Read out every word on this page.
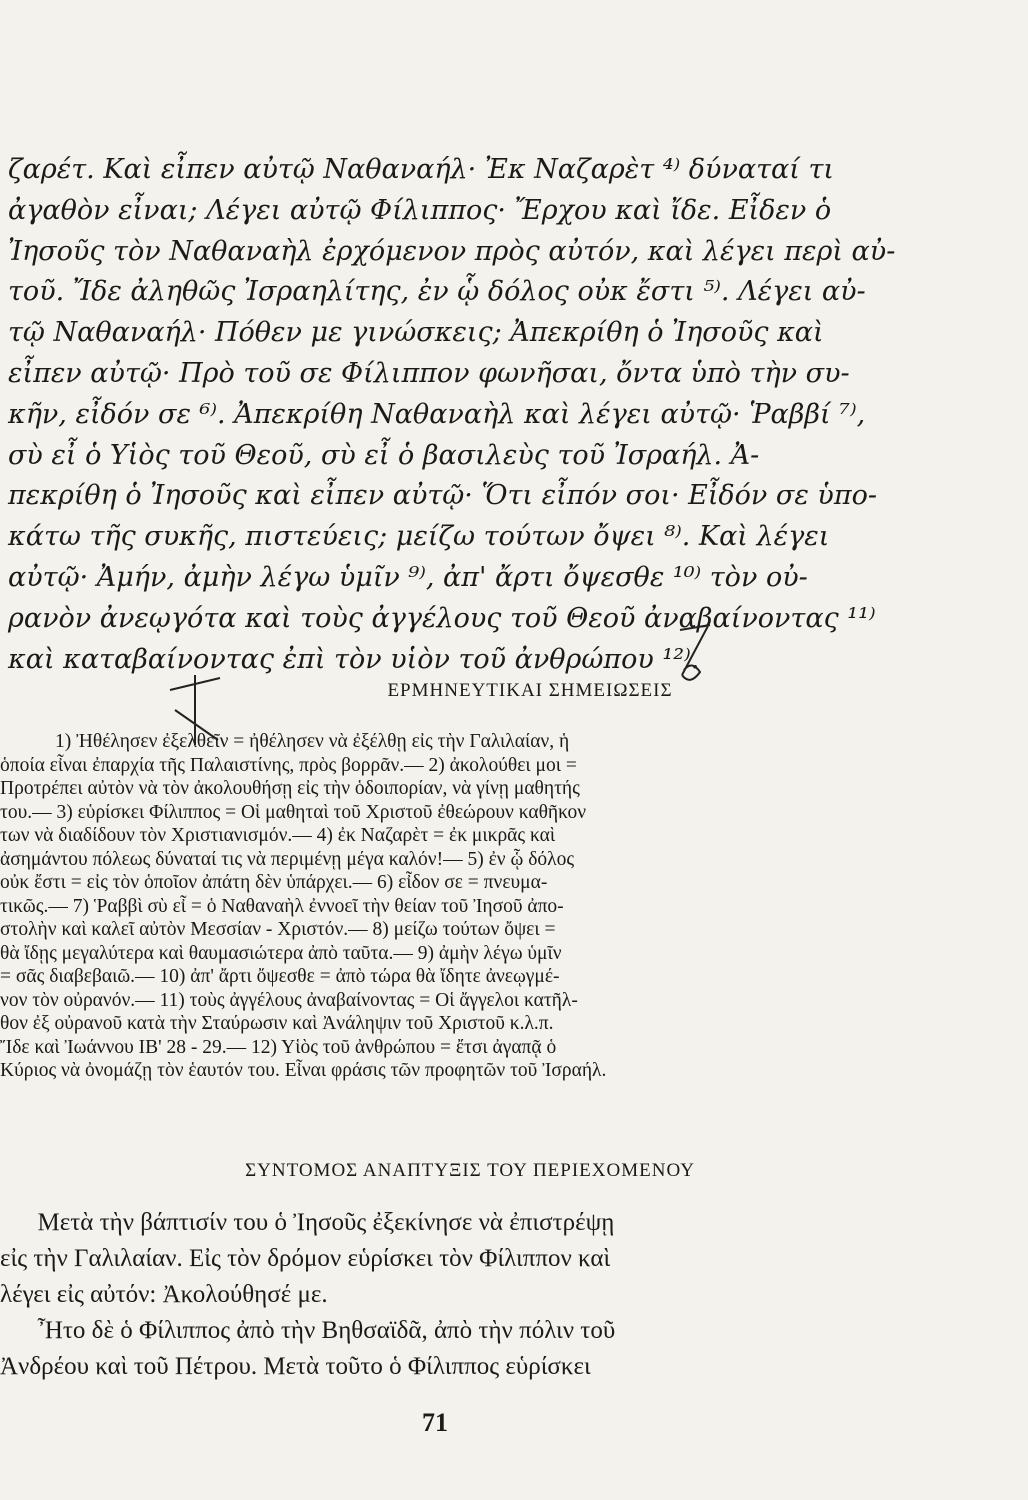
ζαρέτ. Καὶ εἶπεν αὐτῷ Ναθαναήλ· Ἐκ Ναζαρὲτ ⁴⁾ δύναταί τι
ἀγαθὸν εἶναι; Λέγει αὐτῷ Φίλιππος· Ἔρχου καὶ ἴδε. Εἶδεν ὁ
Ἰησοῦς τὸν Ναθαναὴλ ἐρχόμενον πρὸς αὐτόν, καὶ λέγει περὶ αὐ-
τοῦ. Ἴδε ἀληθῶς Ἰσραηλίτης, ἐν ᾧ δόλος οὐκ ἔστι ⁵⁾. Λέγει αὐ-
τῷ Ναθαναήλ· Πόθεν με γινώσκεις; Ἀπεκρίθη ὁ Ἰησοῦς καὶ
εἶπεν αὐτῷ· Πρὸ τοῦ σε Φίλιππον φωνῆσαι, ὄντα ὑπὸ τὴν συ-
κῆν, εἶδόν σε ⁶⁾. Ἀπεκρίθη Ναθαναὴλ καὶ λέγει αὐτῷ· Ῥαββί ⁷⁾,
σὺ εἶ ὁ Υἱὸς τοῦ Θεοῦ, σὺ εἶ ὁ βασιλεὺς τοῦ Ἰσραήλ. Ἀ-
πεκρίθη ὁ Ἰησοῦς καὶ εἶπεν αὐτῷ· Ὅτι εἶπόν σοι· Εἶδόν σε ὑπο-
κάτω τῆς συκῆς, πιστεύεις; μείζω τούτων ὄψει ⁸⁾. Καὶ λέγει
αὐτῷ· Ἀμήν, ἀμὴν λέγω ὑμῖν ⁹⁾, ἀπ' ἄρτι ὄψεσθε ¹⁰⁾ τὸν οὐ-
ρανὸν ἀνεῳγότα καὶ τοὺς ἀγγέλους τοῦ Θεοῦ ἀναβαίνοντας ¹¹⁾
καὶ καταβαίνοντας ἐπὶ τὸν υἱὸν τοῦ ἀνθρώπου ¹²⁾.
ΕΡΜΗΝΕΥΤΙΚΑΙ ΣΗΜΕΙΩΣΕΙΣ
1) Ἠθέλησεν ἐξελθεῖν = ἠθέλησεν νὰ ἐξέλθῃ εἰς τὴν Γαλιλαίαν, ἡ
ὁποία εἶναι ἐπαρχία τῆς Παλαιστίνης, πρὸς βορρᾶν.— 2) ἀκολούθει μοι =
Προτρέπει αὐτὸν νὰ τὸν ἀκολουθήσῃ εἰς τὴν ὁδοιπορίαν, νὰ γίνῃ μαθητής
του.— 3) εὑρίσκει Φίλιππος = Οἱ μαθηταὶ τοῦ Χριστοῦ ἐθεώρουν καθῆκον
των νὰ διαδίδουν τὸν Χριστιανισμόν.— 4) ἐκ Ναζαρὲτ = ἐκ μικρᾶς καὶ
ἀσημάντου πόλεως δύναταί τις νὰ περιμένῃ μέγα καλόν!— 5) ἐν ᾧ δόλος
οὐκ ἔστι = εἰς τὸν ὁποῖον ἀπάτη δὲν ὑπάρχει.— 6) εἶδον σε = πνευμα-
τικῶς.— 7) Ῥαββὶ σὺ εἶ = ὁ Ναθαναὴλ ἐννοεῖ τὴν θείαν τοῦ Ἰησοῦ ἀπο-
στολὴν καὶ καλεῖ αὐτὸν Μεσσίαν - Χριστόν.— 8) μείζω τούτων ὄψει =
θὰ ἴδῃς μεγαλύτερα καὶ θαυμασιώτερα ἀπὸ ταῦτα.— 9) ἀμὴν λέγω ὑμῖν
= σᾶς διαβεβαιῶ.— 10) ἀπ' ἄρτι ὄψεσθε = ἀπὸ τώρα θὰ ἴδητε ἀνεῳγμέ-
νον τὸν οὐρανόν.— 11) τοὺς ἀγγέλους ἀναβαίνοντας = Οἱ ἄγγελοι κατῆλ-
θον ἐξ οὐρανοῦ κατὰ τὴν Σταύρωσιν καὶ Ἀνάληψιν τοῦ Χριστοῦ κ.λ.π.
Ἴδε καὶ Ἰωάννου ΙΒ' 28 - 29.— 12) Υἱὸς τοῦ ἀνθρώπου = ἔτσι ἀγαπᾷ ὁ
Κύριος νὰ ὀνομάζῃ τὸν ἑαυτόν του. Εἶναι φράσις τῶν προφητῶν τοῦ Ἰσραήλ.
ΣΥΝΤΟΜΟΣ ΑΝΑΠΤΥΞΙΣ ΤΟΥ ΠΕΡΙΕΧΟΜΕΝΟΥ
Μετὰ τὴν βάπτισίν του ὁ Ἰησοῦς ἐξεκίνησε νὰ ἐπιστρέψῃ
εἰς τὴν Γαλιλαίαν. Εἰς τὸν δρόμον εὑρίσκει τὸν Φίλιππον καὶ
λέγει εἰς αὐτόν: Ἀκολούθησέ με.
Ἦτο δὲ ὁ Φίλιππος ἀπὸ τὴν Βηθσαϊδᾶ, ἀπὸ τὴν πόλιν τοῦ
Ἀνδρέου καὶ τοῦ Πέτρου. Μετὰ τοῦτο ὁ Φίλιππος εὑρίσκει
71
